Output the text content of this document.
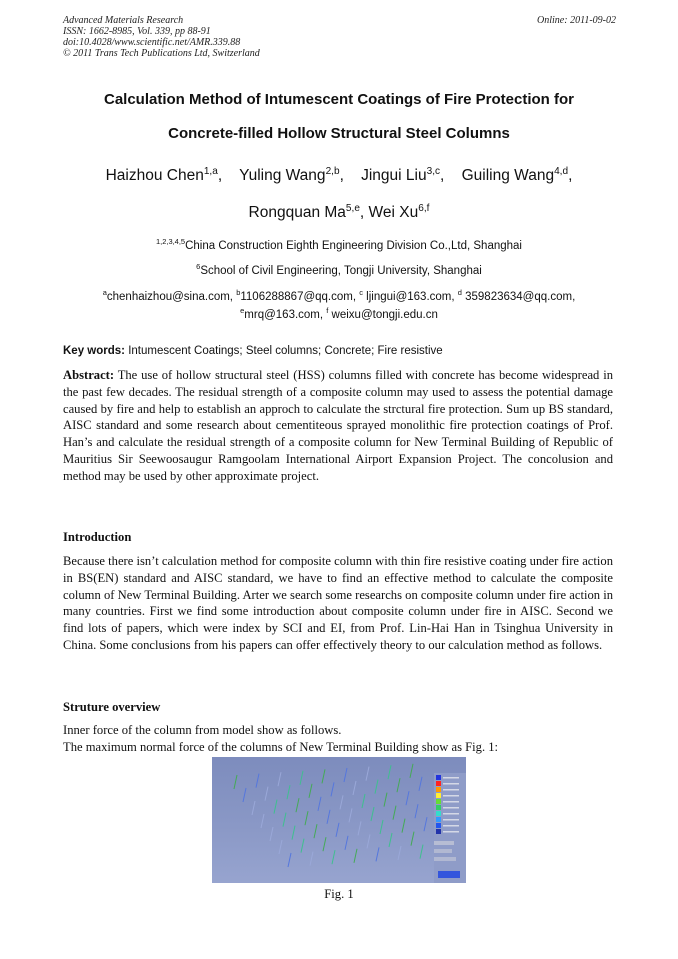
Advanced Materials Research
ISSN: 1662-8985, Vol. 339, pp 88-91
doi:10.4028/www.scientific.net/AMR.339.88
© 2011 Trans Tech Publications Ltd, Switzerland
Online: 2011-09-02
Calculation Method of Intumescent Coatings of Fire Protection for
Concrete-filled Hollow Structural Steel Columns
Haizhou Chen$^{1,a}$, Yuling Wang$^{2,b}$, Jingui Liu$^{3,c}$, Guiling Wang$^{4,d}$,
Rongquan Ma$^{5,e}$, Wei Xu$^{6,f}$
$^{1,2,3,4,5}$China Construction Eighth Engineering Division Co.,Ltd, Shanghai
$^6$School of Civil Engineering, Tongji University, Shanghai
$^a$chenhaizhou@sina.com, $^b$1106288867@qq.com, $^c$ ljingui@163.com, $^d$ 359823634@qq.com,
$^e$mrq@163.com, $^f$ weixu@tongji.edu.cn
Key words: Intumescent Coatings; Steel columns; Concrete; Fire resistive
Abstract: The use of hollow structural steel (HSS) columns filled with concrete has become widespread in the past few decades. The residual strength of a composite column may used to assess the potential damage caused by fire and help to establish an approch to calculate the strctural fire protection. Sum up BS standard, AISC standard and some research about cementiteous sprayed monolithic fire protection coatings of Prof. Han’s and calculate the residual strength of a composite column for New Terminal Building of Republic of Mauritius Sir Seewoosaugur Ramgoolam International Airport Expansion Project. The concolusion and method may be used by other approximate project.
Introduction
Because there isn’t calculation method for composite column with thin fire resistive coating under fire action in BS(EN) standard and AISC standard, we have to find an effective method to calculate the composite column of New Terminal Building. Arter we search some researchs on composite column under fire action in many countries. First we find some introduction about composite column under fire in AISC. Second we find lots of papers, which were index by SCI and EI, from Prof. Lin-Hai Han in Tsinghua University in China. Some conclusions from his papers can offer effectively theory to our calculation method as follows.
Struture overview
Inner force of the column from model show as follows.
The maximum normal force of the columns of New Terminal Building show as Fig. 1:
Fig. 1
